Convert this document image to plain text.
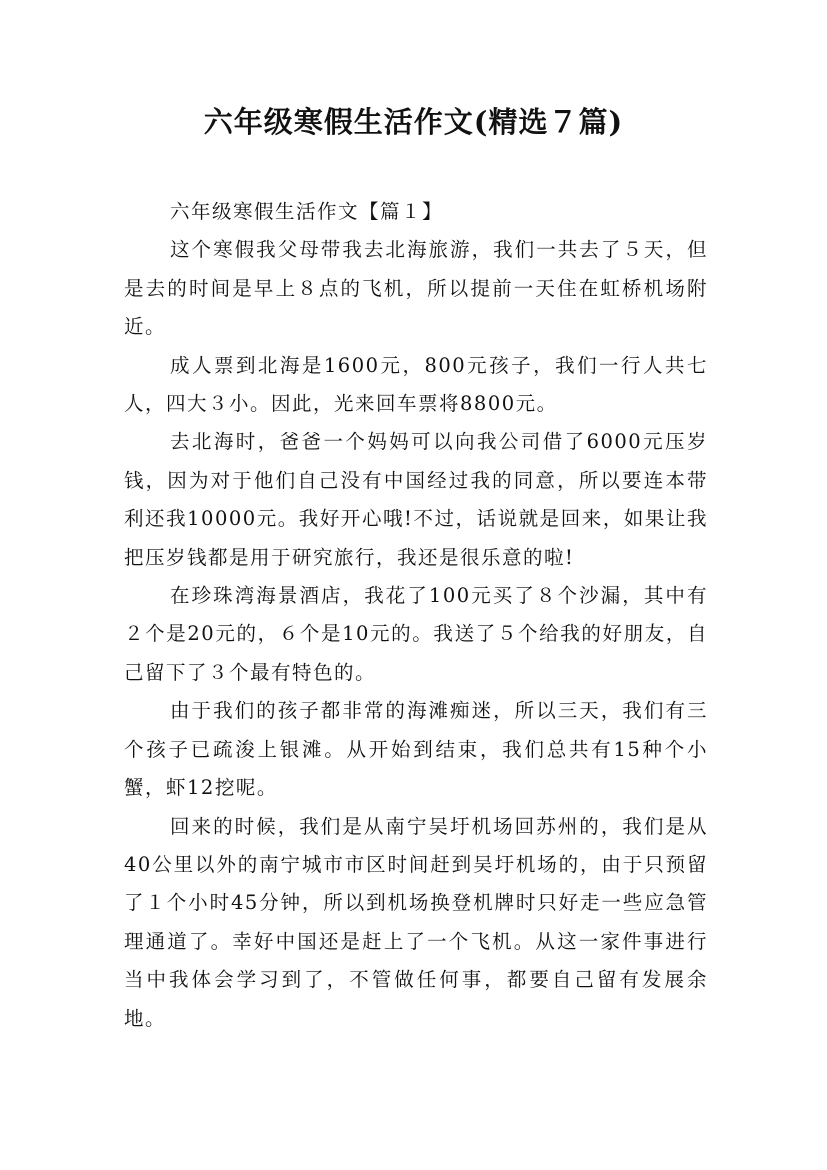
六年级寒假生活作文(精选７篇)
六年级寒假生活作文【篇１】

这个寒假我父母带我去北海旅游，我们一共去了５天，但是去的时间是早上８点的飞机，所以提前一天住在虹桥机场附近。

成人票到北海是1600元，800元孩子，我们一行人共七人，四大３小。因此，光来回车票将8800元。

去北海时，爸爸一个妈妈可以向我公司借了6000元压岁钱，因为对于他们自己没有中国经过我的同意，所以要连本带利还我10000元。我好开心哦!不过，话说就是回来，如果让我把压岁钱都是用于研究旅行，我还是很乐意的啦!

在珍珠湾海景酒店，我花了100元买了８个沙漏，其中有２个是20元的，６个是10元的。我送了５个给我的好朋友，自己留下了３个最有特色的。

由于我们的孩子都非常的海滩痴迷，所以三天，我们有三个孩子已疏浚上银滩。从开始到结束，我们总共有15种个小蟹，虾12挖呢。

回来的时候，我们是从南宁吴圩机场回苏州的，我们是从40公里以外的南宁城市市区时间赶到吴圩机场的，由于只预留了１个小时45分钟，所以到机场换登机牌时只好走一些应急管理通道了。幸好中国还是赶上了一个飞机。从这一家件事进行当中我体会学习到了，不管做任何事，都要自己留有发展余地。
